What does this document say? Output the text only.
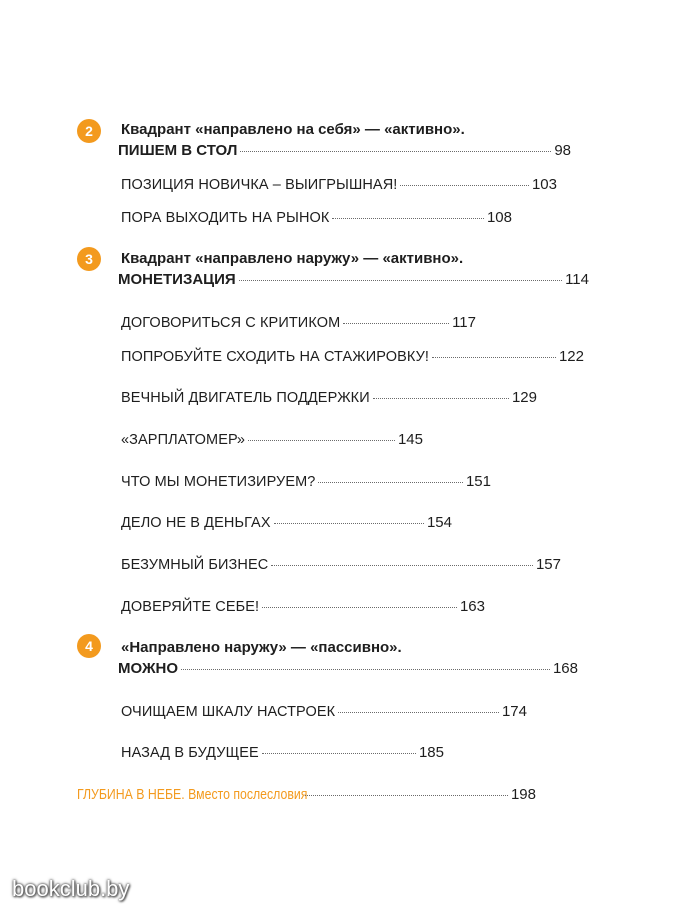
2	Квадрант «направлено на себя» — «активно».
ПИШЕМ В СТОЛ	98
ПОЗИЦИЯ НОВИЧКА – ВЫИГРЫШНАЯ!	103
ПОРА ВЫХОДИТЬ НА РЫНОК	108
3	Квадрант «направлено наружу» — «активно».
МОНЕТИЗАЦИЯ	114
ДОГОВОРИТЬСЯ С КРИТИКОМ	117
ПОПРОБУЙТЕ СХОДИТЬ НА СТАЖИРОВКУ!	122
ВЕЧНЫЙ ДВИГАТЕЛЬ ПОДДЕРЖКИ	129
«ЗАРПЛАТОМЕР»	145
ЧТО МЫ МОНЕТИЗИРУЕМ?	151
ДЕЛО НЕ В ДЕНЬГАХ	154
БЕЗУМНЫЙ БИЗНЕС	157
ДОВЕРЯЙТЕ СЕБЕ!	163
4	«Направлено наружу» — «пассивно».
МОЖНО	168
ОЧИЩАЕМ ШКАЛУ НАСТРОЕК	174
НАЗАД В БУДУЩЕЕ	185
ГЛУБИНА В НЕБЕ. Вместо послесловия	198
bookclub.by
